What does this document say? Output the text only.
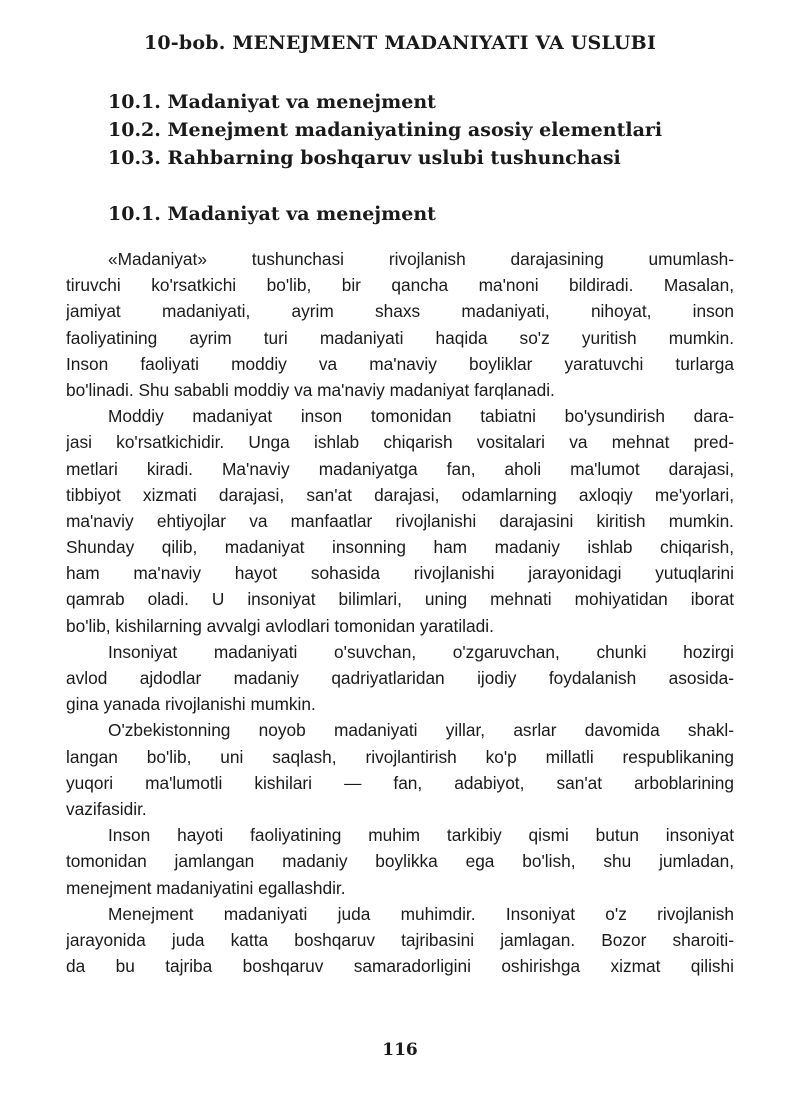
10-bob. MENEJMENT MADANIYATI VA USLUBI
10.1. Madaniyat va menejment
10.2. Menejment madaniyatining asosiy elementlari
10.3. Rahbarning boshqaruv uslubi tushunchasi
10.1. Madaniyat va menejment
«Madaniyat» tushunchasi rivojlanish darajasining umumlash-
tiruvchi ko'rsatkichi bo'lib, bir qancha ma'noni bildiradi. Masalan,
jamiyat madaniyati, ayrim shaxs madaniyati, nihoyat, inson
faoliyatining ayrim turi madaniyati haqida so'z yuritish mumkin.
Inson faoliyati moddiy va ma'naviy boyliklar yaratuvchi turlarga
bo'linadi. Shu sababli moddiy va ma'naviy madaniyat farqlanadi.
Moddiy madaniyat inson tomonidan tabiatni bo'ysundirish dara-
jasi ko'rsatkichidir. Unga ishlab chiqarish vositalari va mehnat pred-
metlari kiradi. Ma'naviy madaniyatga fan, aholi ma'lumot darajasi,
tibbiyot xizmati darajasi, san'at darajasi, odamlarning axloqiy me'yorlari,
ma'naviy ehtiyojlar va manfaatlar rivojlanishi darajasini kiritish mumkin.
Shunday qilib, madaniyat insonning ham madaniy ishlab chiqarish,
ham ma'naviy hayot sohasida rivojlanishi jarayonidagi yutuqlarini
qamrab oladi. U insoniyat bilimlari, uning mehnati mohiyatidan iborat
bo'lib, kishilarning avvalgi avlodlari tomonidan yaratiladi.
Insoniyat madaniyati o'suvchan, o'zgaruvchan, chunki hozirgi
avlod ajdodlar madaniy qadriyatlaridan ijodiy foydalanish asosida-
gina yanada rivojlanishi mumkin.
O'zbekistonning noyob madaniyati yillar, asrlar davomida shakl-
langan bo'lib, uni saqlash, rivojlantirish ko'p millatli respublikaning
yuqori ma'lumotli kishilari — fan, adabiyot, san'at arboblarining
vazifasidir.
Inson hayoti faoliyatining muhim tarkibiy qismi butun insoniyat
tomonidan jamlangan madaniy boylikka ega bo'lish, shu jumladan,
menejment madaniyatini egallashdir.
Menejment madaniyati juda muhimdir. Insoniyat o'z rivojlanish
jarayonida juda katta boshqaruv tajribasini jamlagan. Bozor sharoiti-
da bu tajriba boshqaruv samaradorligini oshirishga xizmat qilishi
116
